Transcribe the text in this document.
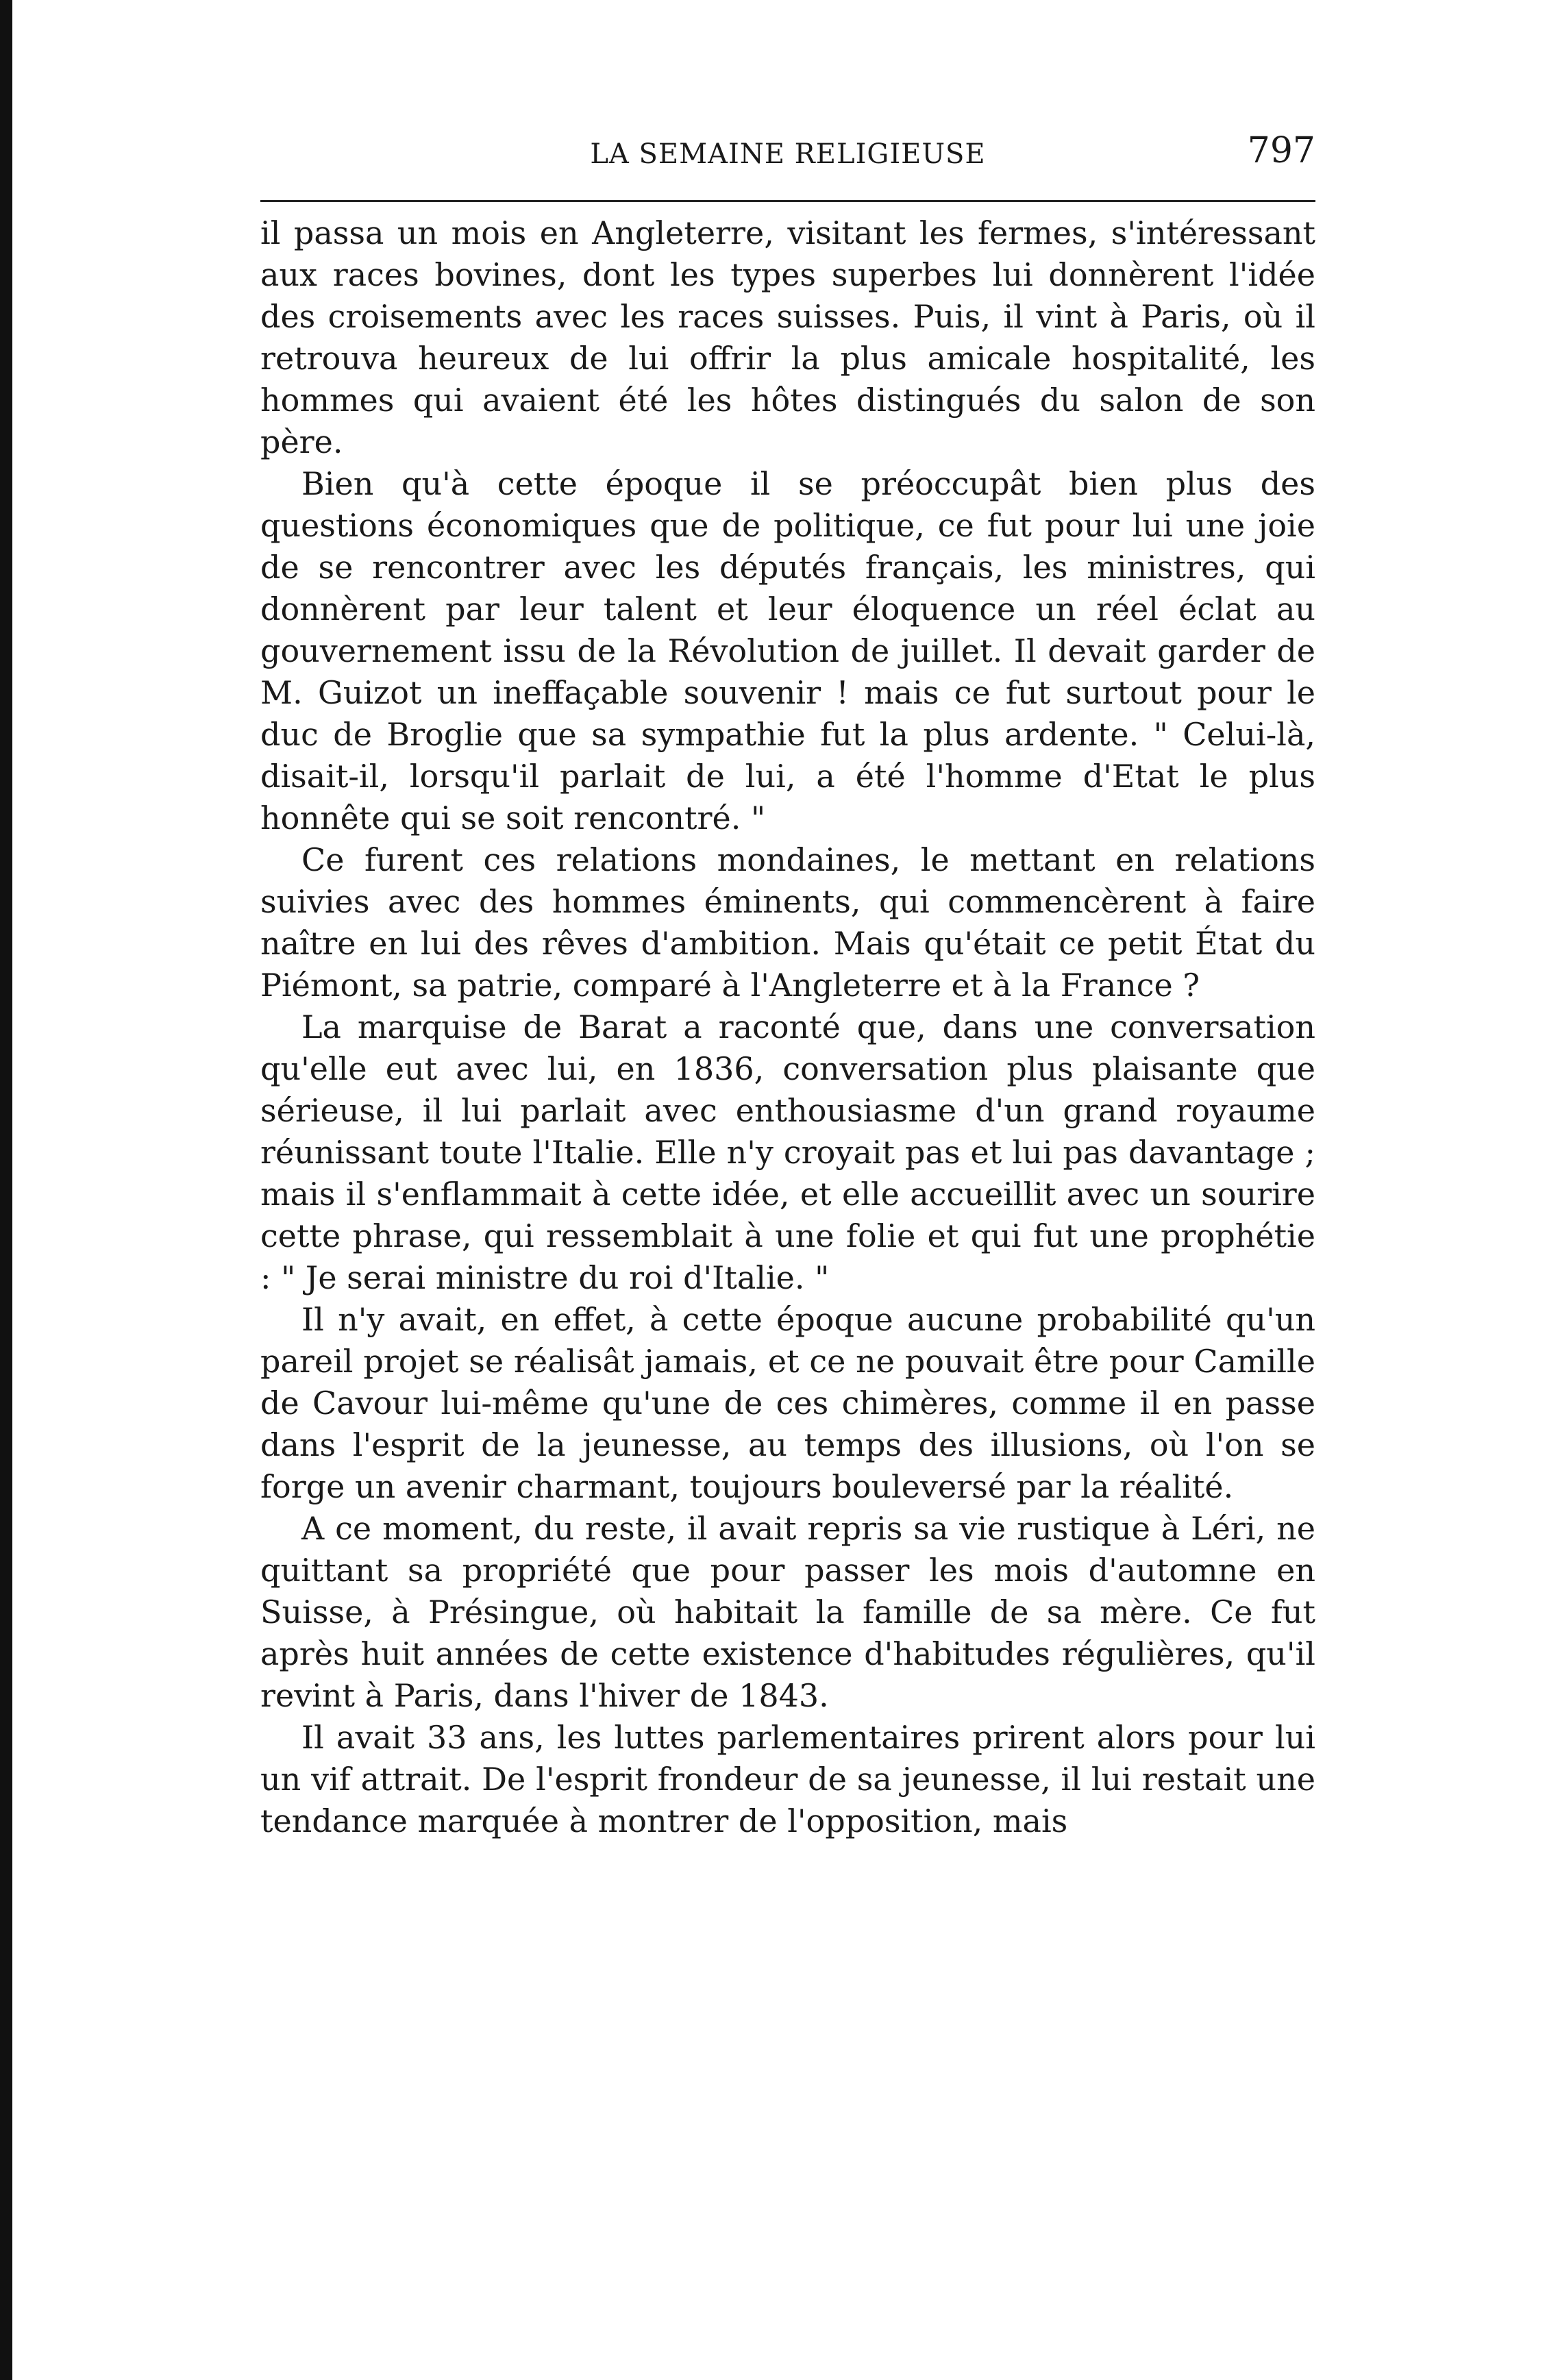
LA SEMAINE RELIGIEUSE	797

il passa un mois en Angleterre, visitant les fermes, s'intéressant aux races bovines, dont les types superbes lui donnèrent l'idée des croisements avec les races suisses. Puis, il vint à Paris, où il retrouva heureux de lui offrir la plus amicale hospitalité, les hommes qui avaient été les hôtes distingués du salon de son père.

Bien qu'à cette époque il se préoccupât bien plus des questions économiques que de politique, ce fut pour lui une joie de se rencontrer avec les députés français, les ministres, qui donnèrent par leur talent et leur éloquence un réel éclat au gouvernement issu de la Révolution de juillet. Il devait garder de M. Guizot un ineffaçable souvenir ! mais ce fut surtout pour le duc de Broglie que sa sympathie fut la plus ardente. " Celui-là, disait-il, lorsqu'il parlait de lui, a été l'homme d'Etat le plus honnête qui se soit rencontré. "

Ce furent ces relations mondaines, le mettant en relations suivies avec des hommes éminents, qui commencèrent à faire naître en lui des rêves d'ambition. Mais qu'était ce petit État du Piémont, sa patrie, comparé à l'Angleterre et à la France ?

La marquise de Barat a raconté que, dans une conversation qu'elle eut avec lui, en 1836, conversation plus plaisante que sérieuse, il lui parlait avec enthousiasme d'un grand royaume réunissant toute l'Italie. Elle n'y croyait pas et lui pas davantage ; mais il s'enflammait à cette idée, et elle accueillit avec un sourire cette phrase, qui ressemblait à une folie et qui fut une prophétie : " Je serai ministre du roi d'Italie. "

Il n'y avait, en effet, à cette époque aucune probabilité qu'un pareil projet se réalisât jamais, et ce ne pouvait être pour Camille de Cavour lui-même qu'une de ces chimères, comme il en passe dans l'esprit de la jeunesse, au temps des illusions, où l'on se forge un avenir charmant, toujours bouleversé par la réalité.

A ce moment, du reste, il avait repris sa vie rustique à Léri, ne quittant sa propriété que pour passer les mois d'automne en Suisse, à Présingue, où habitait la famille de sa mère. Ce fut après huit années de cette existence d'habitudes régulières, qu'il revint à Paris, dans l'hiver de 1843.

Il avait 33 ans, les luttes parlementaires prirent alors pour lui un vif attrait. De l'esprit frondeur de sa jeunesse, il lui restait une tendance marquée à montrer de l'opposition, mais
